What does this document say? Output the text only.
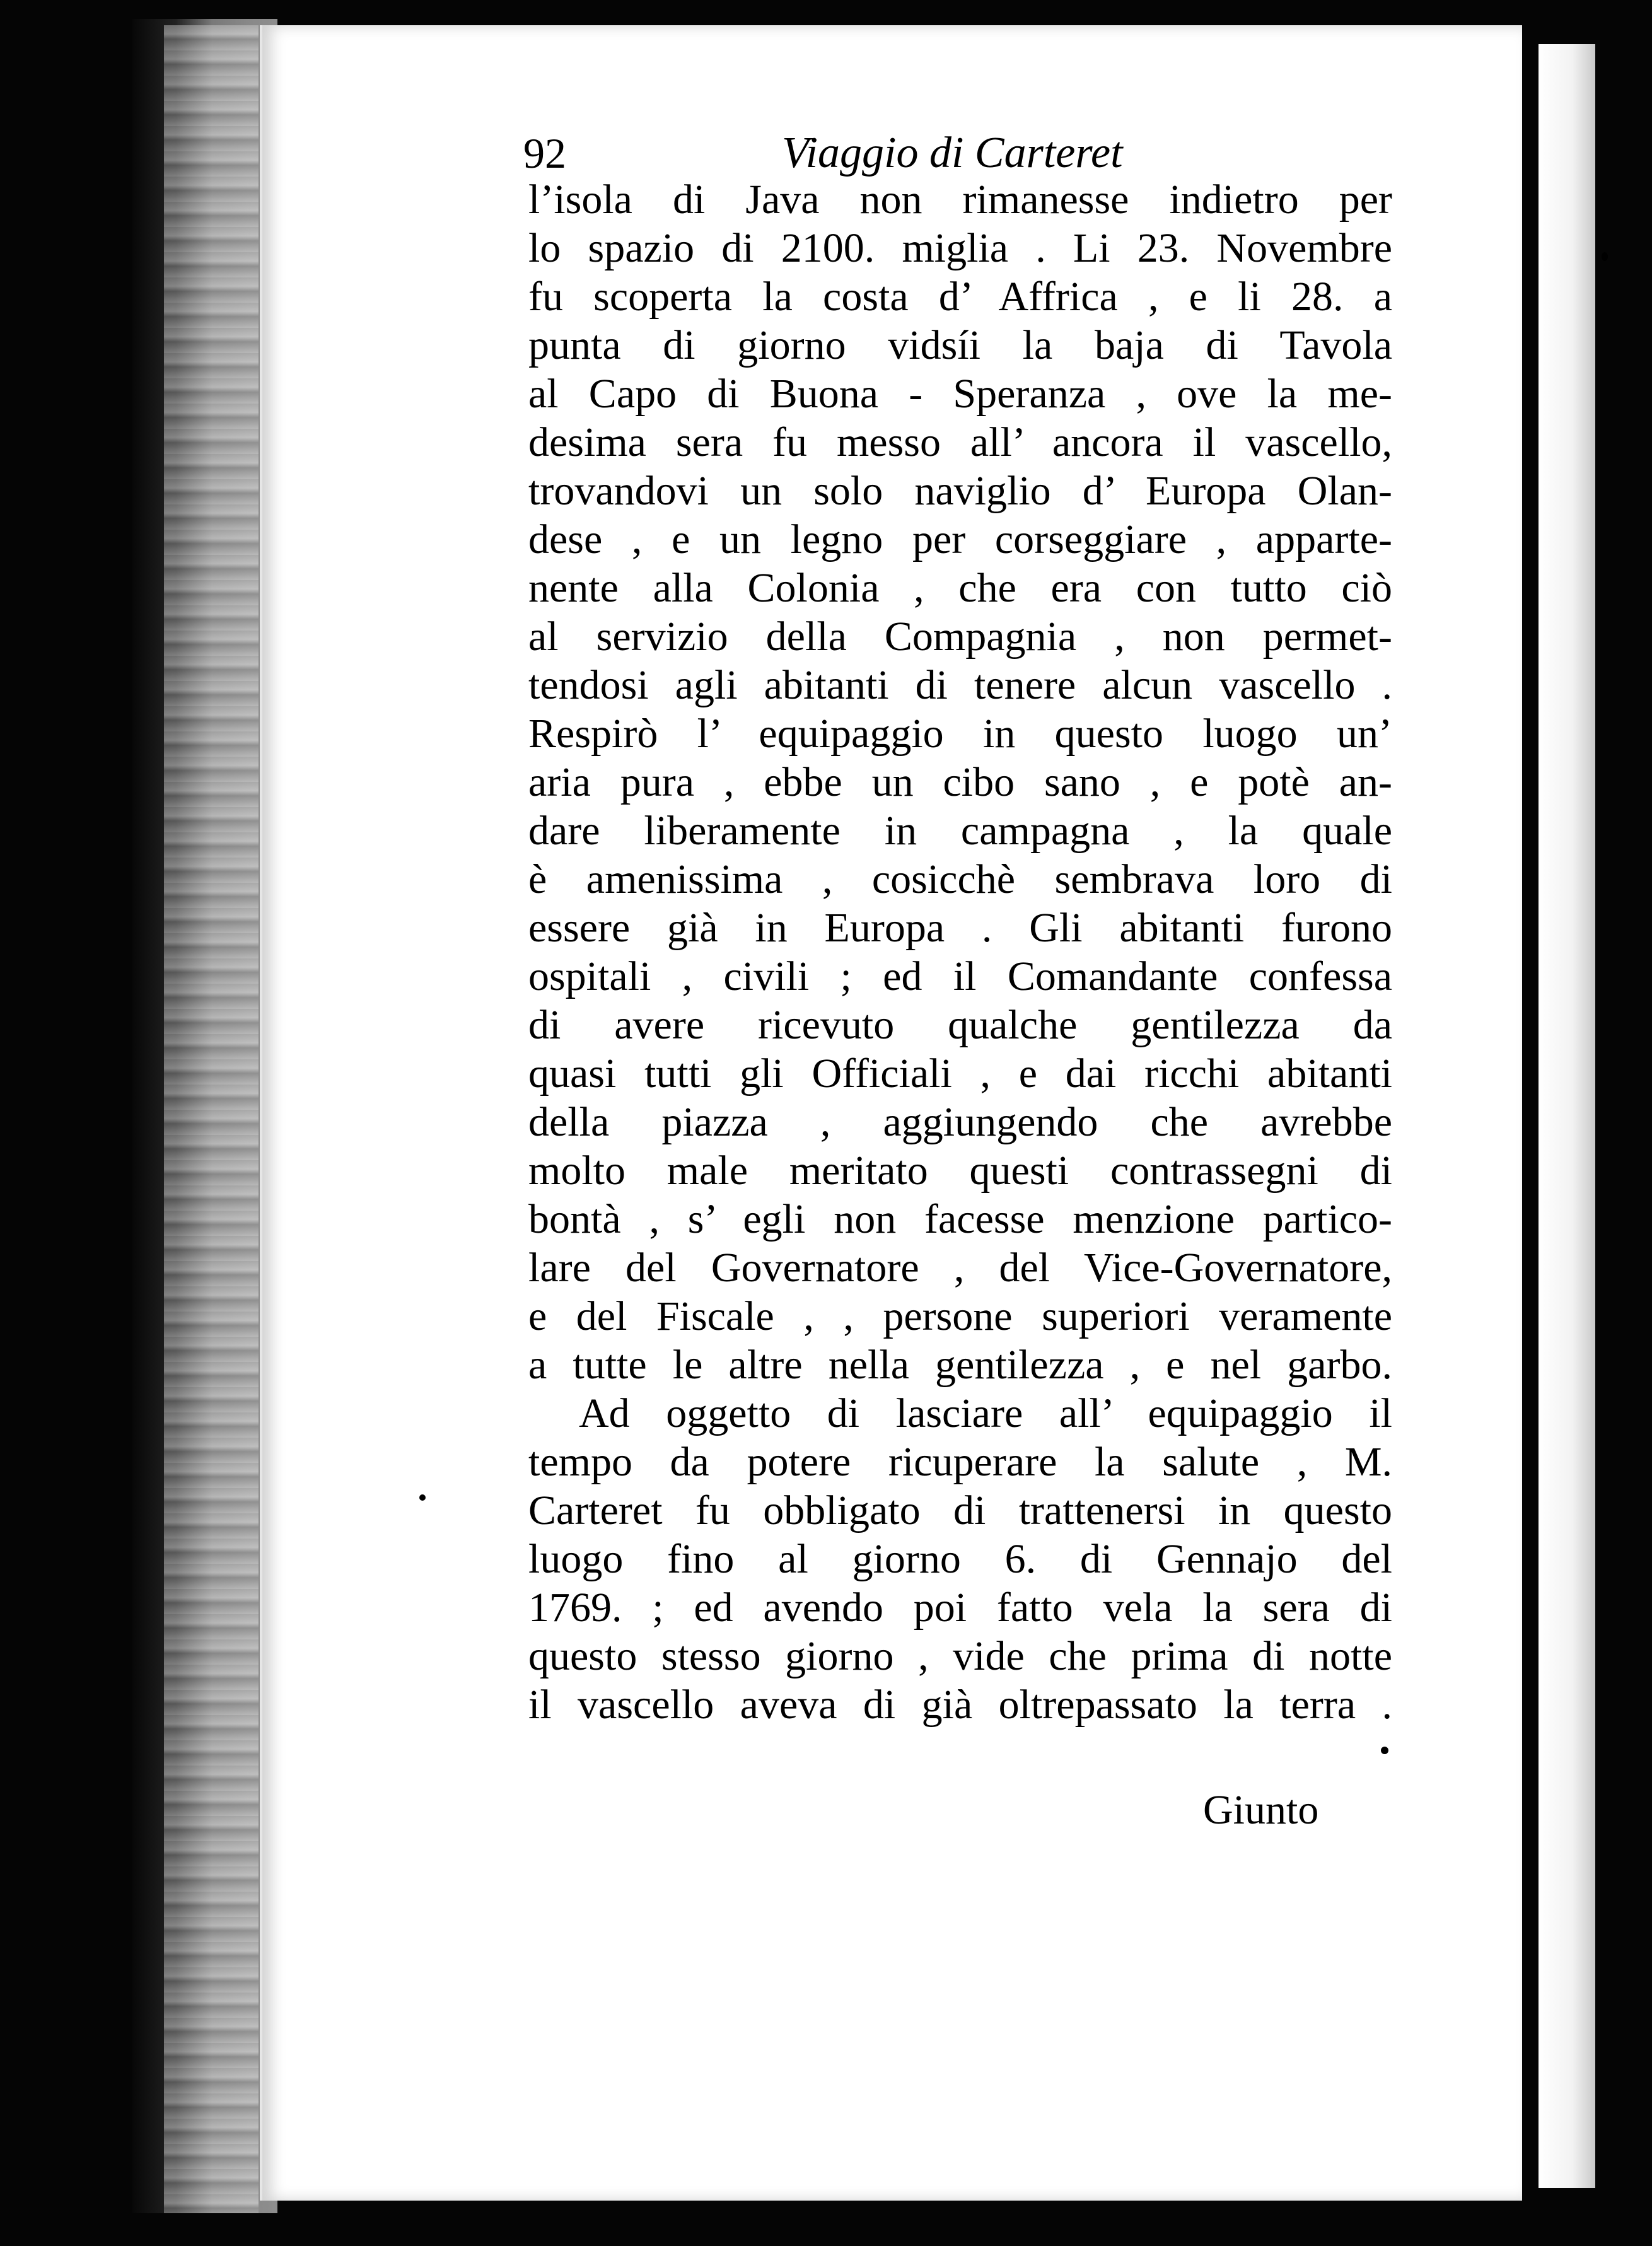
92	Viaggio di Carteret
l’isola di Java non rimanesse indietro per
lo spazio di 2100. miglia . Li 23. Novembre
fu scoperta la costa d’ Affrica , e li 28. a
punta di giorno vidsíi la baja di Tavola
al Capo di Buona - Speranza , ove la me-
desima sera fu messo all’ ancora il vascello,
trovandovi un solo naviglio d’ Europa Olan-
dese , e un legno per corseggiare , apparte-
nente alla Colonia , che era con tutto ciò
al servizio della Compagnia , non permet-
tendosi agli abitanti di tenere alcun vascello .
Respirò l’ equipaggio in questo luogo un’
aria pura , ebbe un cibo sano , e potè an-
dare liberamente in campagna , la quale
è amenissima , cosicchè sembrava loro di
essere già in Europa . Gli abitanti furono
ospitali , civili ; ed il Comandante confessa
di avere ricevuto qualche gentilezza da
quasi tutti gli Officiali , e dai ricchi abitanti
della piazza , aggiungendo che avrebbe
molto male meritato questi contrassegni di
bontà , s’ egli non facesse menzione partico-
lare del Governatore , del Vice-Governatore,
e del Fiscale , , persone superiori veramente
a tutte le altre nella gentilezza , e nel garbo.
Ad oggetto di lasciare all’ equipaggio il
tempo da potere ricuperare la salute , M.
Carteret fu obbligato di trattenersi in questo
luogo fino al giorno 6. di Gennajo del
1769. ; ed avendo poi fatto vela la sera di
questo stesso giorno , vide che prima di notte
il vascello aveva di già oltrepassato la terra .
Giunto
